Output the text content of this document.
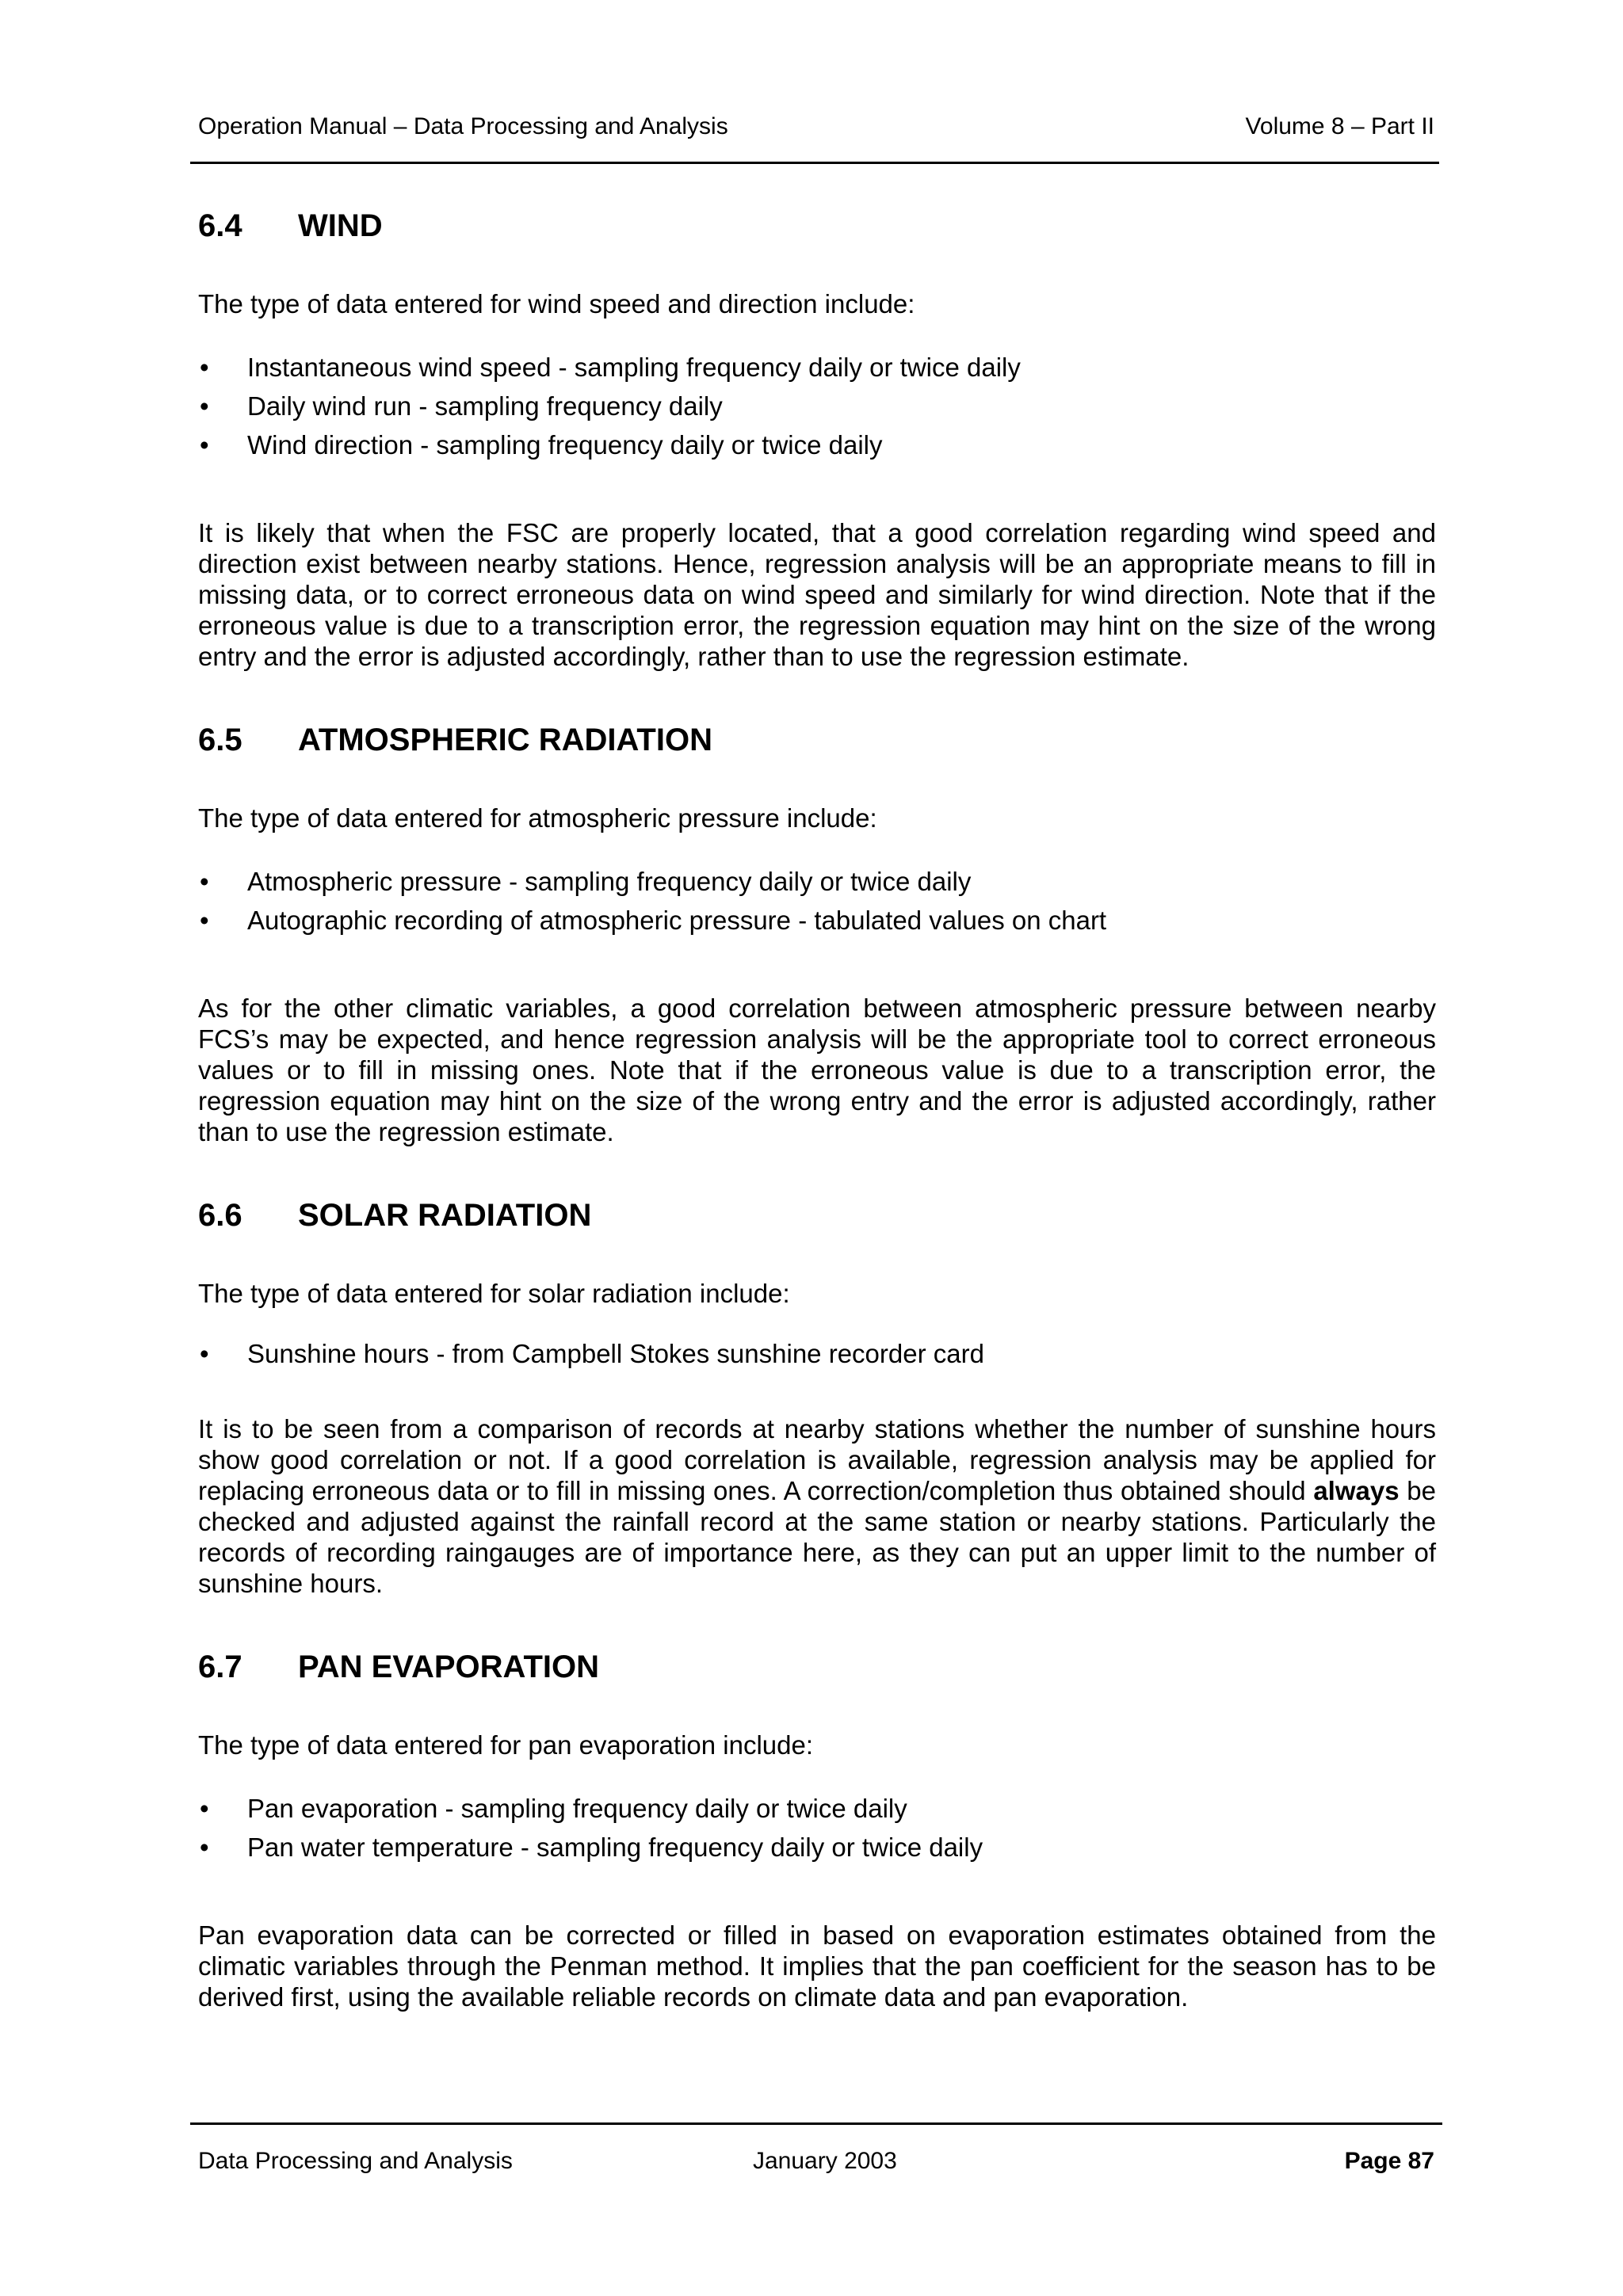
Operation Manual – Data Processing and Analysis	Volume 8 – Part II
6.4	WIND

The type of data entered for wind speed and direction include:

• Instantaneous wind speed - sampling frequency daily or twice daily
• Daily wind run - sampling frequency daily
• Wind direction - sampling frequency daily or twice daily

It is likely that when the FSC are properly located, that a good correlation regarding wind speed and direction exist between nearby stations. Hence, regression analysis will be an appropriate means to fill in missing data, or to correct erroneous data on wind speed and similarly for wind direction. Note that if the erroneous value is due to a transcription error, the regression equation may hint on the size of the wrong entry and the error is adjusted accordingly, rather than to use the regression estimate.

6.5	ATMOSPHERIC RADIATION

The type of data entered for atmospheric pressure include:

• Atmospheric pressure - sampling frequency daily or twice daily
• Autographic recording of atmospheric pressure - tabulated values on chart

As for the other climatic variables, a good correlation between atmospheric pressure between nearby FCS’s may be expected, and hence regression analysis will be the appropriate tool to correct erroneous values or to fill in missing ones. Note that if the erroneous value is due to a transcription error, the regression equation may hint on the size of the wrong entry and the error is adjusted accordingly, rather than to use the regression estimate.

6.6	SOLAR RADIATION

The type of data entered for solar radiation include:

• Sunshine hours - from Campbell Stokes sunshine recorder card

It is to be seen from a comparison of records at nearby stations whether the number of sunshine hours show good correlation or not. If a good correlation is available, regression analysis may be applied for replacing erroneous data or to fill in missing ones. A correction/completion thus obtained should always be checked and adjusted against the rainfall record at the same station or nearby stations. Particularly the records of recording raingauges are of importance here, as they can put an upper limit to the number of sunshine hours.

6.7	PAN EVAPORATION

The type of data entered for pan evaporation include:

• Pan evaporation - sampling frequency daily or twice daily
• Pan water temperature - sampling frequency daily or twice daily

Pan evaporation data can be corrected or filled in based on evaporation estimates obtained from the climatic variables through the Penman method. It implies that the pan coefficient for the season has to be derived first, using the available reliable records on climate data and pan evaporation.

Data Processing and Analysis	January 2003	Page 87
